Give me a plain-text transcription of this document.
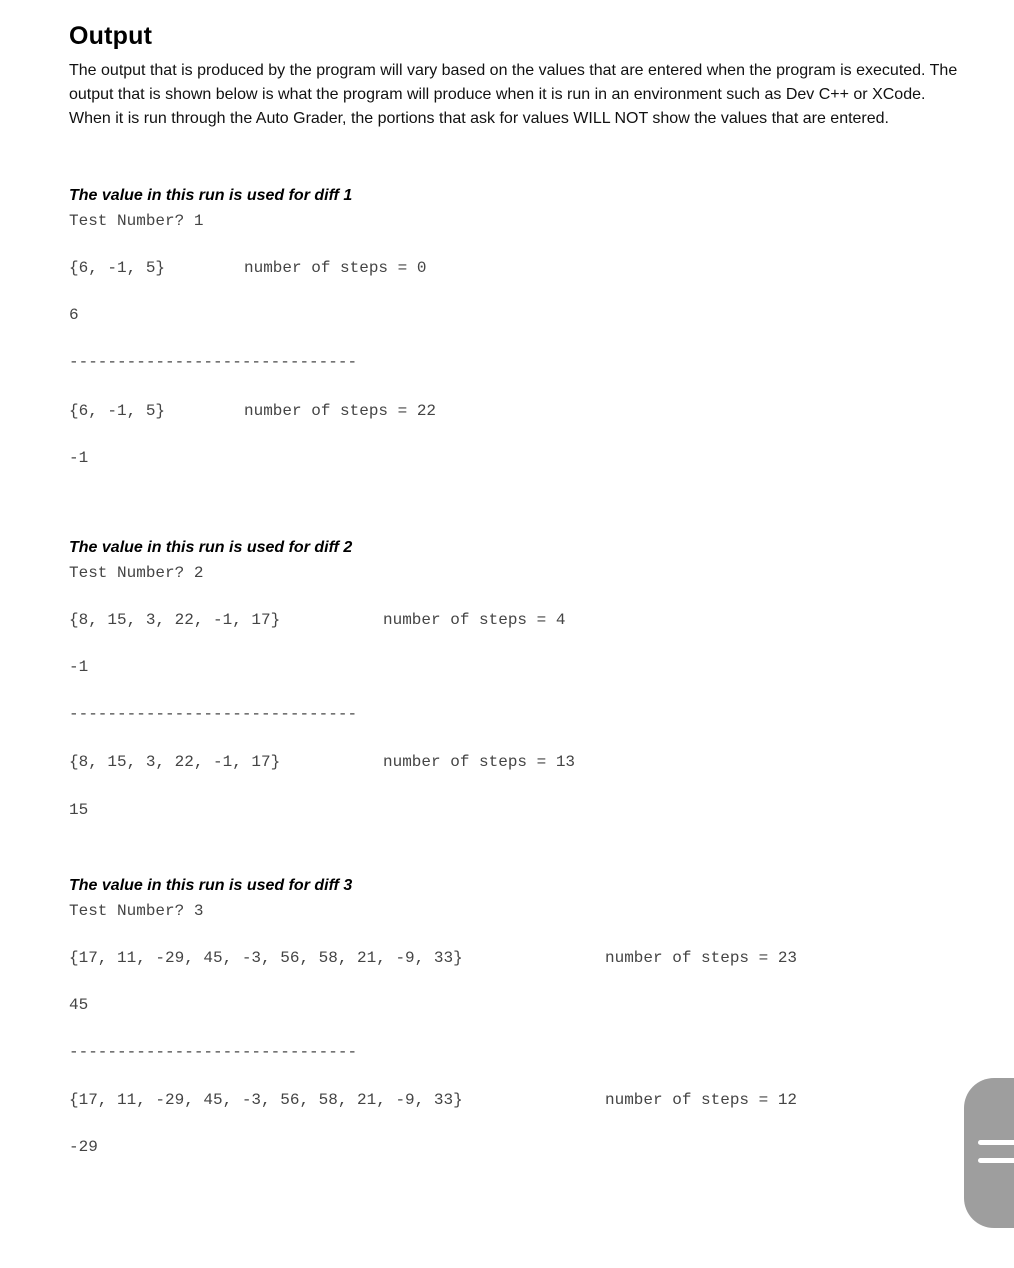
Output
The output that is produced by the program will vary based on the values that are entered when the program is executed. The output that is shown below is what the program will produce when it is run in an environment such as Dev C++ or XCode. When it is run through the Auto Grader, the portions that ask for values WILL NOT show the values that are entered.
The value in this run is used for diff 1
Test Number? 1
{6, -1, 5}	number of steps = 0
6
------------------------------
{6, -1, 5}	number of steps = 22
-1
The value in this run is used for diff 2
Test Number? 2
{8, 15, 3, 22, -1, 17}	number of steps = 4
-1
------------------------------
{8, 15, 3, 22, -1, 17}	number of steps = 13
15
The value in this run is used for diff 3
Test Number? 3
{17, 11, -29, 45, -3, 56, 58, 21, -9, 33}	number of steps = 23
45
------------------------------
{17, 11, -29, 45, -3, 56, 58, 21, -9, 33}	number of steps = 12
-29
